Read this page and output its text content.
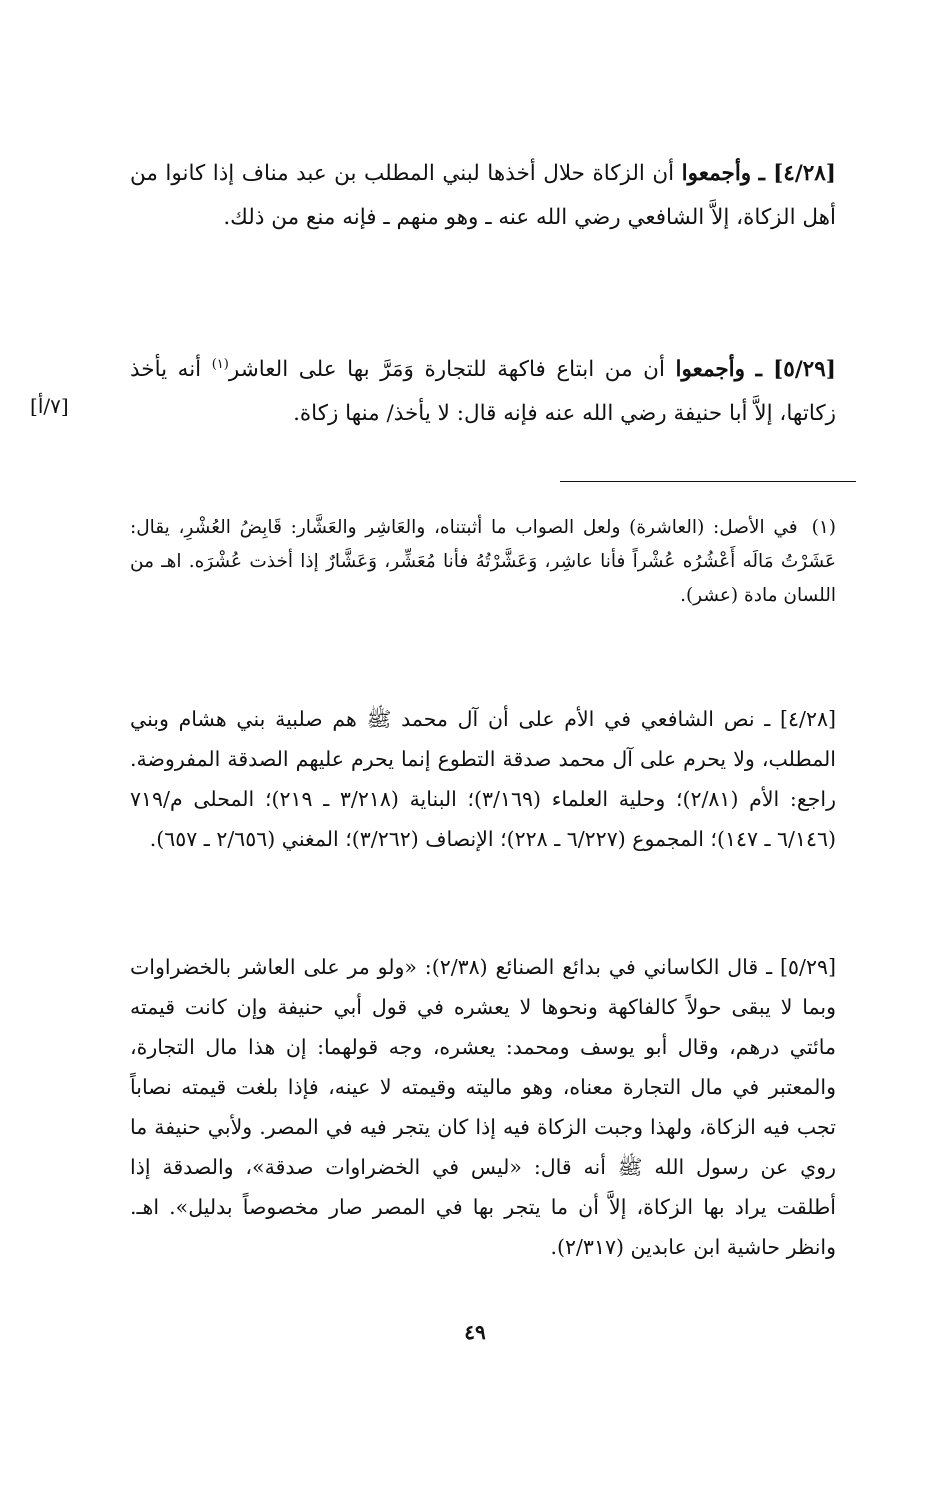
[٤/٢٨] ـ وأجمعوا أن الزكاة حلال أخذها لبني المطلب بن عبد مناف إذا كانوا من أهل الزكاة، إلاَّ الشافعي رضي الله عنه ـ وهو منهم ـ فإنه منع من ذلك.

[٥/٢٩] ـ وأجمعوا أن من ابتاع فاكهة للتجارة وَمَرَّ بها على العاشر$^{(١)}$ أنه يأخذ زكاتها، إلاَّ أبا حنيفة رضي الله عنه فإنه قال: لا يأخذ/ منها زكاة.

[٧/أ]

(١)في الأصل: (العاشرة) ولعل الصواب ما أثبتناه، والعَاشِر والعَشَّار: قَابِضُ العُشْرِ، يقال: عَشَرْتُ مَالَه أَعْشُرُه عُشْراً فأنا عاشِر، وَعَشَّرْتُهُ فأنا مُعَشِّر، وَعَشَّارٌ إذا أخذت عُشْرَه. اهـ من اللسان مادة (عشر).

[٤/٢٨] ـ نص الشافعي في الأم على أن آل محمد ﷺ هم صلبية بني هشام وبني المطلب، ولا يحرم على آل محمد صدقة التطوع إنما يحرم عليهم الصدقة المفروضة. راجع: الأم (٢/٨١)؛ وحلية العلماء (٣/١٦٩)؛ البناية (٣/٢١٨ ـ ٢١٩)؛ المحلى م/٧١٩ (٦/١٤٦ ـ ١٤٧)؛ المجموع (٦/٢٢٧ ـ ٢٢٨)؛ الإنصاف (٣/٢٦٢)؛ المغني (٢/٦٥٦ ـ ٦٥٧).

[٥/٢٩] ـ قال الكاساني في بدائع الصنائع (٢/٣٨): «ولو مر على العاشر بالخضراوات وبما لا يبقى حولاً كالفاكهة ونحوها لا يعشره في قول أبي حنيفة وإن كانت قيمته مائتي درهم، وقال أبو يوسف ومحمد: يعشره، وجه قولهما: إن هذا مال التجارة، والمعتبر في مال التجارة معناه، وهو ماليته وقيمته لا عينه، فإذا بلغت قيمته نصاباً تجب فيه الزكاة، ولهذا وجبت الزكاة فيه إذا كان يتجر فيه في المصر. ولأبي حنيفة ما روي عن رسول الله ﷺ أنه قال: «ليس في الخضراوات صدقة»، والصدقة إذا أطلقت يراد بها الزكاة، إلاَّ أن ما يتجر بها في المصر صار مخصوصاً بدليل». اهـ. وانظر حاشية ابن عابدين (٢/٣١٧).

٤٩
